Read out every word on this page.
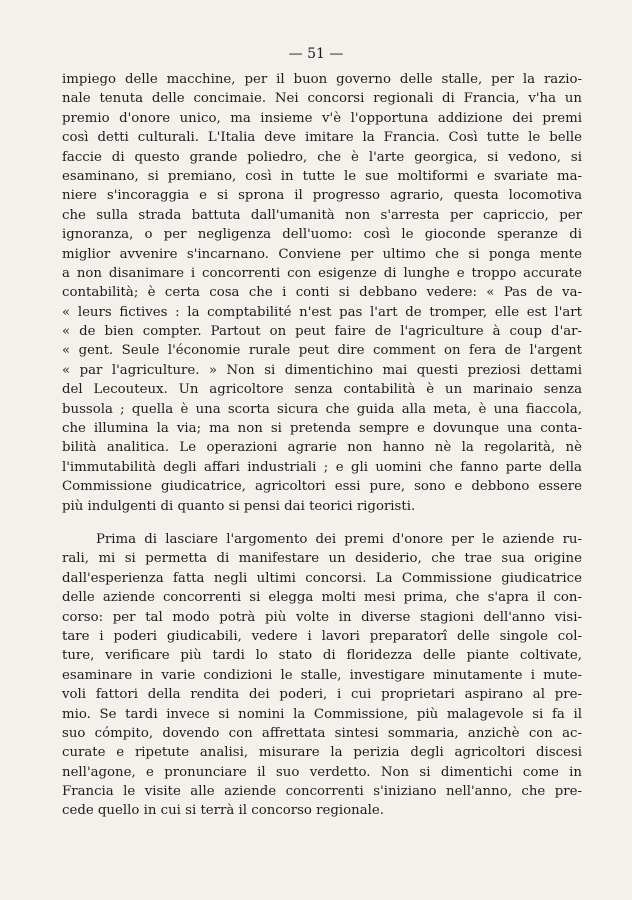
— 51 —
impiego delle macchine, per il buon governo delle stalle, per la razio-
nale tenuta delle concimaie. Nei concorsi regionali di Francia, v'ha un
premio d'onore unico, ma insieme v'è l'opportuna addizione dei premi
così detti culturali. L'Italia deve imitare la Francia. Così tutte le belle
faccie di questo grande poliedro, che è l'arte georgica, si vedono, si
esaminano, si premiano, così in tutte le sue moltiformi e svariate ma-
niere s'incoraggia e si sprona il progresso agrario, questa locomotiva
che sulla strada battuta dall'umanità non s'arresta per capriccio, per
ignoranza, o per negligenza dell'uomo: così le gioconde speranze di
miglior avvenire s'incarnano. Conviene per ultimo che si ponga mente
a non disanimare i concorrenti con esigenze di lunghe e troppo accurate
contabilità; è certa cosa che i conti si debbano vedere: « Pas de va-
« leurs fictives : la comptabilité n'est pas l'art de tromper, elle est l'art
« de bien compter. Partout on peut faire de l'agriculture à coup d'ar-
« gent. Seule l'économie rurale peut dire comment on fera de l'argent
« par l'agriculture. » Non si dimentichino mai questi preziosi dettami
del Lecouteux. Un agricoltore senza contabilità è un marinaio senza
bussola ; quella è una scorta sicura che guida alla meta, è una fiaccola,
che illumina la via; ma non si pretenda sempre e dovunque una conta-
bilità analitica. Le operazioni agrarie non hanno nè la regolarità, nè
l'immutabilità degli affari industriali ; e gli uomini che fanno parte della
Commissione giudicatrice, agricoltori essi pure, sono e debbono essere
più indulgenti di quanto si pensi dai teorici rigoristi.
Prima di lasciare l'argomento dei premi d'onore per le aziende ru-
rali, mi si permetta di manifestare un desiderio, che trae sua origine
dall'esperienza fatta negli ultimi concorsi. La Commissione giudicatrice
delle aziende concorrenti si elegga molti mesi prima, che s'apra il con-
corso: per tal modo potrà più volte in diverse stagioni dell'anno visi-
tare i poderi giudicabili, vedere i lavori preparatorî delle singole col-
ture, verificare più tardi lo stato di floridezza delle piante coltivate,
esaminare in varie condizioni le stalle, investigare minutamente i mute-
voli fattori della rendita dei poderi, i cui proprietari aspirano al pre-
mio. Se tardi invece si nomini la Commissione, più malagevole si fa il
suo cómpito, dovendo con affrettata sintesi sommaria, anzichè con ac-
curate e ripetute analisi, misurare la perizia degli agricoltori discesi
nell'agone, e pronunciare il suo verdetto. Non si dimentichi come in
Francia le visite alle aziende concorrenti s'iniziano nell'anno, che pre-
cede quello in cui si terrà il concorso regionale.
